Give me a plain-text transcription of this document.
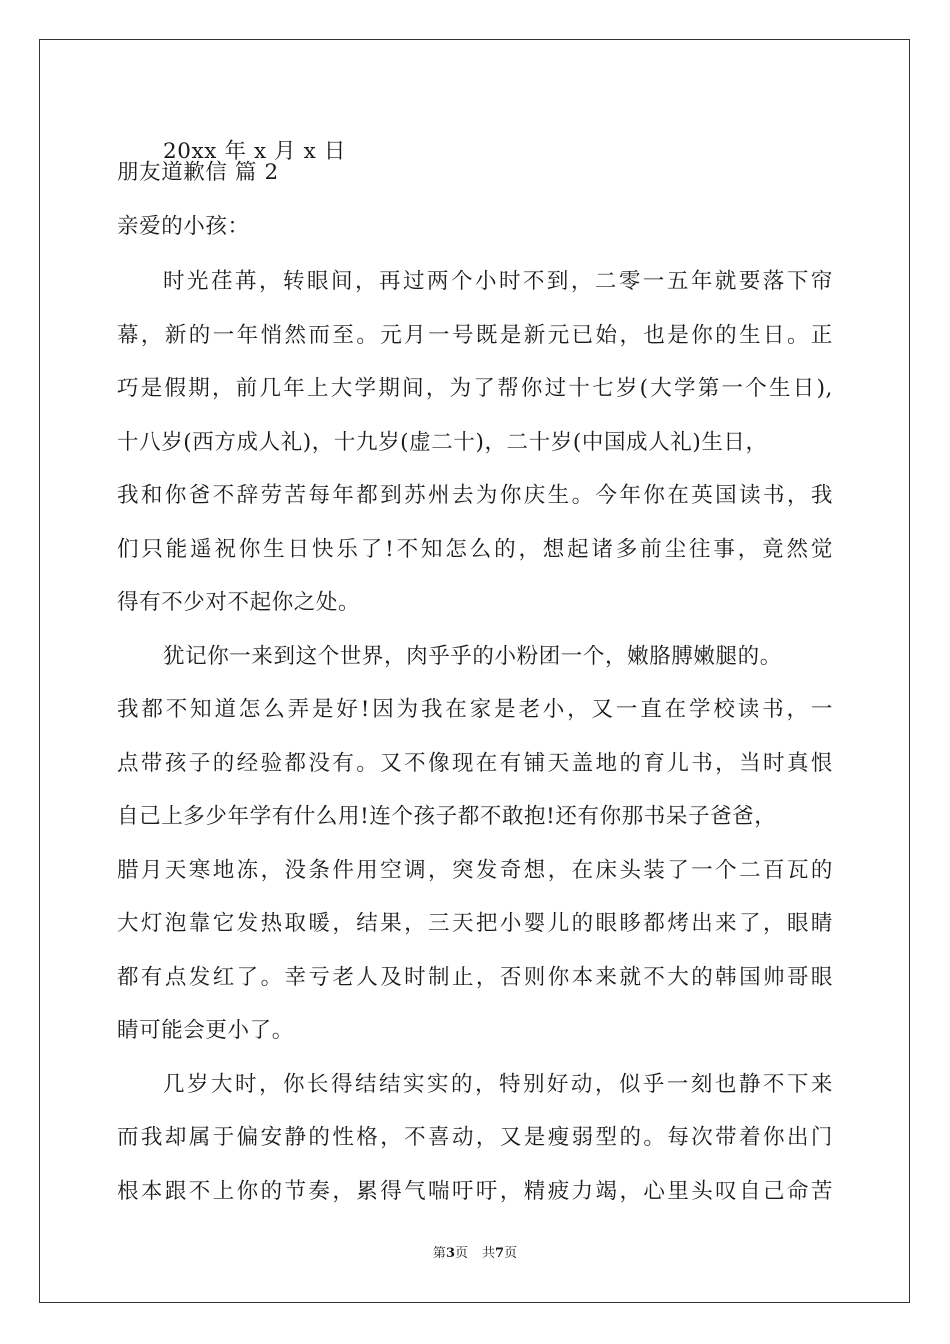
20xx 年 x 月 x 日
朋友道歉信 篇 2
亲爱的小孩：
时光荏苒，转眼间，再过两个小时不到，二零一五年就要落下帘
幕，新的一年悄然而至。元月一号既是新元已始，也是你的生日。正
巧是假期，前几年上大学期间，为了帮你过十七岁(大学第一个生日),
十八岁(西方成人礼)，十九岁(虚二十)，二十岁(中国成人礼)生日，
我和你爸不辞劳苦每年都到苏州去为你庆生。今年你在英国读书，我
们只能遥祝你生日快乐了!不知怎么的，想起诸多前尘往事，竟然觉
得有不少对不起你之处。
犹记你一来到这个世界，肉乎乎的小粉团一个，嫩胳膊嫩腿的。
我都不知道怎么弄是好!因为我在家是老小，又一直在学校读书，一
点带孩子的经验都没有。又不像现在有铺天盖地的育儿书，当时真恨
自己上多少年学有什么用!连个孩子都不敢抱!还有你那书呆子爸爸，
腊月天寒地冻，没条件用空调，突发奇想，在床头装了一个二百瓦的
大灯泡靠它发热取暖，结果，三天把小婴儿的眼眵都烤出来了，眼睛
都有点发红了。幸亏老人及时制止，否则你本来就不大的韩国帅哥眼
睛可能会更小了。
几岁大时，你长得结结实实的，特别好动，似乎一刻也静不下来
而我却属于偏安静的性格，不喜动，又是瘦弱型的。每次带着你出门
根本跟不上你的节奏，累得气喘吁吁，精疲力竭，心里头叹自己命苦
第3页 共7页
